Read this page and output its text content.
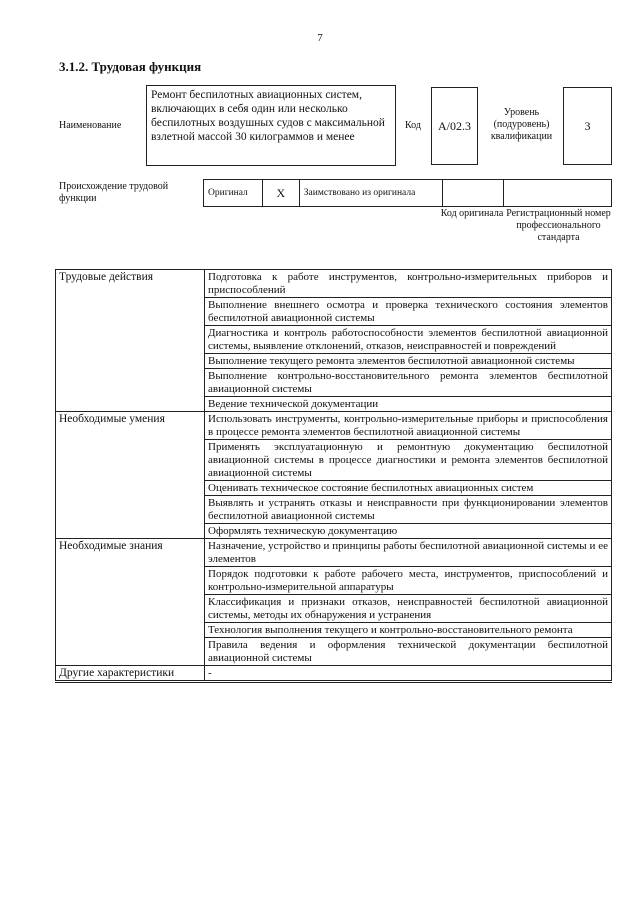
7
3.1.2. Трудовая функция
Наименование
Ремонт беспилотных авиационных систем, включающих в себя один или несколько беспилотных воздушных судов с максимальной взлетной массой 30 килограммов и менее
Код	A/02.3
Уровень (подуровень) квалификации
3
Происхождение трудовой функции	Оригинал	X	Заимствовано из оригинала
Код оригинала Регистрационный номер профессионального стандарта
Трудовые действия	Подготовка к работе инструментов, контрольно-измерительных приборов и приспособлений
	Выполнение внешнего осмотра и проверка технического состояния элементов беспилотной авиационной системы
	Диагностика и контроль работоспособности элементов беспилотной авиационной системы, выявление отклонений, отказов, неисправностей и повреждений
	Выполнение текущего ремонта элементов беспилотной авиационной системы
	Выполнение контрольно-восстановительного ремонта элементов беспилотной авиационной системы
	Ведение технической документации
Необходимые умения	Использовать инструменты, контрольно-измерительные приборы и приспособления в процессе ремонта элементов беспилотной авиационной системы
	Применять эксплуатационную и ремонтную документацию беспилотной авиационной системы в процессе диагностики и ремонта элементов беспилотной авиационной системы
	Оценивать техническое состояние беспилотных авиационных систем
	Выявлять и устранять отказы и неисправности при функционировании элементов беспилотной авиационной системы
	Оформлять техническую документацию
Необходимые знания	Назначение, устройство и принципы работы беспилотной авиационной системы и ее элементов
	Порядок подготовки к работе рабочего места, инструментов, приспособлений и контрольно-измерительной аппаратуры
	Классификация и признаки отказов, неисправностей беспилотной авиационной системы, методы их обнаружения и устранения
	Технология выполнения текущего и контрольно-восстановительного ремонта
	Правила ведения и оформления технической документации беспилотной авиационной системы
Другие характеристики	-
